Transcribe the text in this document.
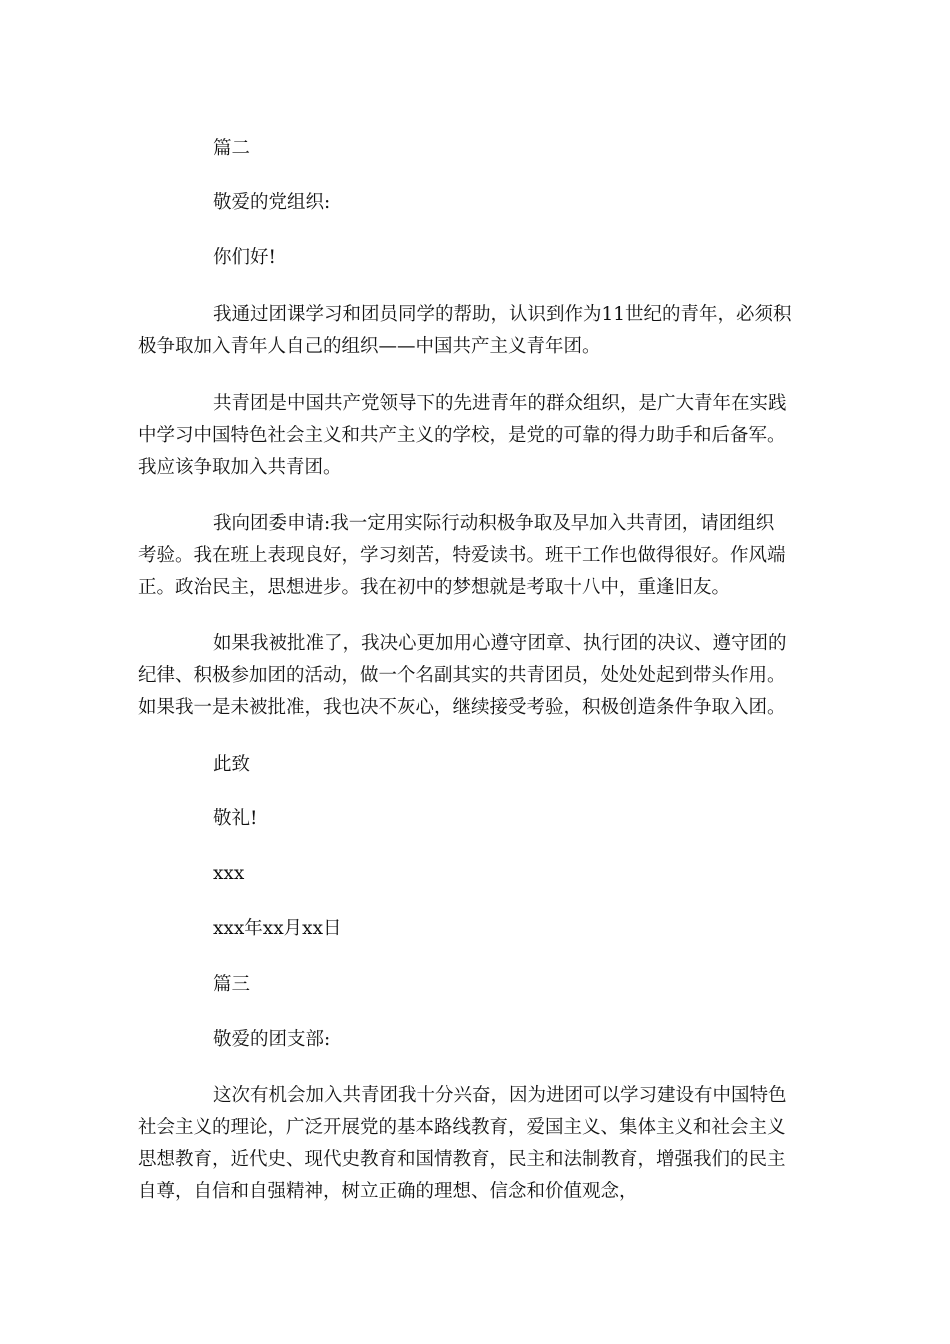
篇二
敬爱的党组织:
你们好!
我通过团课学习和团员同学的帮助，认识到作为11世纪的青年，必须积
极争取加入青年人自己的组织——中国共产主义青年团。
共青团是中国共产党领导下的先进青年的群众组织，是广大青年在实践
中学习中国特色社会主义和共产主义的学校，是党的可靠的得力助手和后备军。
我应该争取加入共青团。
我向团委申请:我一定用实际行动积极争取及早加入共青团，请团组织
考验。我在班上表现良好，学习刻苦，特爱读书。班干工作也做得很好。作风端
正。政治民主，思想进步。我在初中的梦想就是考取十八中，重逢旧友。
如果我被批准了，我决心更加用心遵守团章、执行团的决议、遵守团的
纪律、积极参加团的活动，做一个名副其实的共青团员，处处处起到带头作用。
如果我一是未被批准，我也决不灰心，继续接受考验，积极创造条件争取入团。
此致
敬礼!
xxx
xxx年xx月xx日
篇三
敬爱的团支部:
这次有机会加入共青团我十分兴奋，因为进团可以学习建设有中国特色
社会主义的理论，广泛开展党的基本路线教育，爱国主义、集体主义和社会主义
思想教育，近代史、现代史教育和国情教育，民主和法制教育，增强我们的民主
自尊，自信和自强精神，树立正确的理想、信念和价值观念，
